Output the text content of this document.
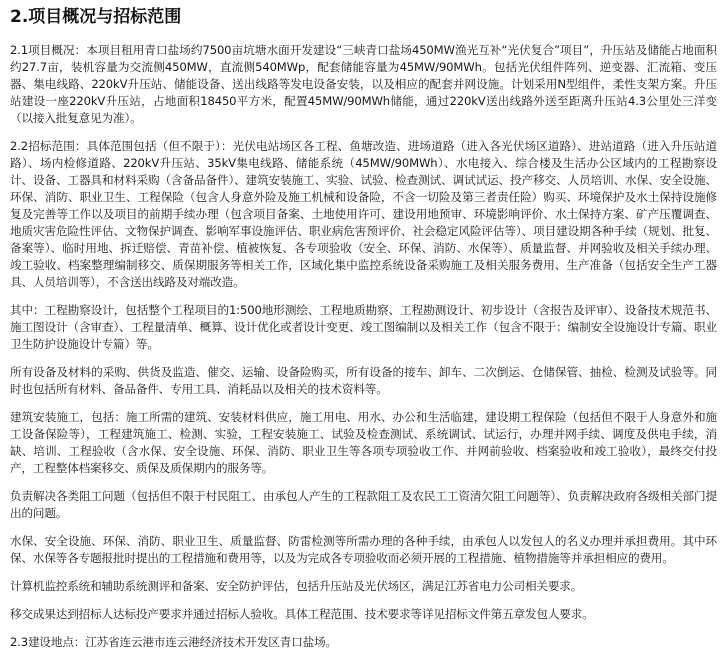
2.项目概况与招标范围

2.1项目概况：本项目租用青口盐场约7500亩坑塘水面开发建设“三峡青口盐场450MW渔光互补“光伏复合”项目”，升压站及储能占地面积约27.7亩，装机容量为交流侧450MW，直流侧540MWp，配套储能容量为45MW/90MWh。包括光伏组件阵列、逆变器、汇流箱、变压器、集电线路、220kV升压站、储能设备、送出线路等发电设备安装，以及相应的配套并网设施。计划采用N型组件，柔性支架方案。升压站建设一座220kV升压站，占地面积18450平方米，配置45MW/90MWh储能，通过220kV送出线路外送至距离升压站4.3公里处三洋变（以接入批复意见为准）。

2.2招标范围：具体范围包括（但不限于）：光伏电站场区各工程、鱼塘改造、进场道路（进入各光伏场区道路）、进站道路（进入升压站道路）、场内检修道路、220kV升压站、35kV集电线路、储能系统（45MW/90MWh）、水电接入、综合楼及生活办公区域内的工程勘察设计、设备、工器具和材料采购（含备品备件）、建筑安装施工、实验、试验、检查测试、调试试运、投产移交、人员培训、水保、安全设施、环保、消防、职业卫生、工程保险（包含人身意外险及施工机械和设备险，不含一切险及第三者责任险）购买、环境保护及水土保持设施修复及完善等工作以及项目的前期手续办理（包含项目备案、土地使用许可、建设用地预审、环境影响评价、水土保持方案、矿产压覆调查、地质灾害危险性评估、文物保护调查、影响军事设施评估、职业病危害预评价、社会稳定风险评估等）、项目建设期各种手续（规划、批复、备案等）、临时用地、拆迁赔偿、青苗补偿、植被恢复、各专项验收（安全、环保、消防、水保等）、质量监督、并网验收及相关手续办理、竣工验收、档案整理编制移交、质保期服务等相关工作，区域化集中监控系统设备采购施工及相关服务费用、生产准备（包括安全生产工器具、人员培训等），不含送出线路及对端改造。

其中：工程勘察设计，包括整个工程项目的1:500地形测绘、工程地质勘察、工程勘测设计、初步设计（含报告及评审）、设备技术规范书、施工图设计（含审查）、工程量清单、概算、设计优化或者设计变更、竣工图编制以及相关工作（包含不限于：编制安全设施设计专篇、职业卫生防护设施设计专篇）等。

所有设备及材料的采购、供货及监造、催交、运输、设备险购买，所有设备的接车、卸车、二次倒运、仓储保管、抽检、检测及试验等。同时也包括所有材料、备品备件、专用工具、消耗品以及相关的技术资料等。

建筑安装施工，包括：施工所需的建筑、安装材料供应，施工用电、用水、办公和生活临建，建设期工程保险（包括但不限于人身意外和施工设备保险等），工程建筑施工、检测、实验，工程安装施工、试验及检查测试、系统调试、试运行，办理并网手续、调度及供电手续，消缺、培训、工程验收（含水保、安全设施、环保、消防、职业卫生等各项专项验收工作、并网前验收、档案验收和竣工验收），最终交付投产，工程整体档案移交、质保及质保期内的服务等。

负责解决各类阻工问题（包括但不限于村民阻工、由承包人产生的工程款阻工及农民工工资清欠阻工问题等）、负责解决政府各级相关部门提出的问题。

水保、安全设施、环保、消防、职业卫生、质量监督、防雷检测等所需办理的各种手续，由承包人以发包人的名义办理并承担费用。其中环保、水保等各专题报批时提出的工程措施和费用等，以及为完成各专项验收而必须开展的工程措施、植物措施等并承担相应的费用。

计算机监控系统和辅助系统测评和备案、安全防护评估，包括升压站及光伏场区，满足江苏省电力公司相关要求。

移交成果达到招标人达标投产要求并通过招标人验收。具体工程范围、技术要求等详见招标文件第五章发包人要求。

2.3建设地点：江苏省连云港市连云港经济技术开发区青口盐场。
